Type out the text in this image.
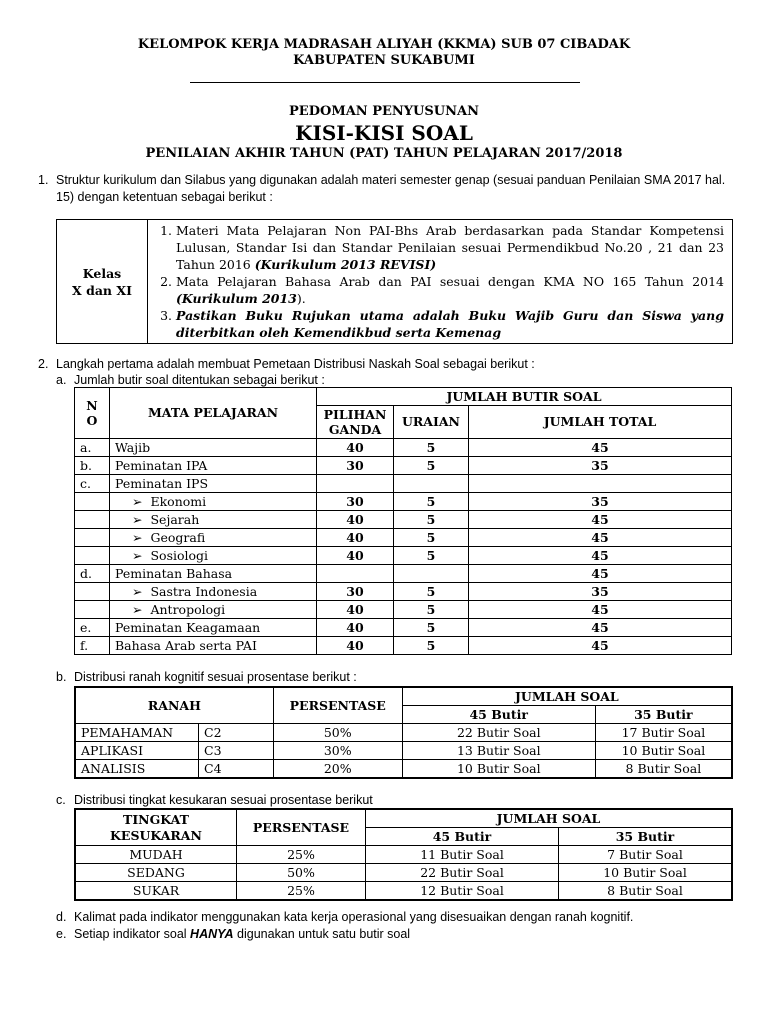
KELOMPOK KERJA MADRASAH ALIYAH (KKMA) SUB 07 CIBADAK
KABUPATEN SUKABUMI
PEDOMAN PENYUSUNAN
KISI-KISI SOAL
PENILAIAN AKHIR TAHUN (PAT) TAHUN PELAJARAN 2017/2018
1. Struktur kurikulum dan Silabus yang digunakan adalah materi semester genap (sesuai panduan Penilaian SMA 2017 hal. 15) dengan ketentuan sebagai berikut :
Kelas
X dan XI

1. Materi Mata Pelajaran Non PAI-Bhs Arab berdasarkan pada Standar Kompetensi Lulusan, Standar Isi dan Standar Penilaian sesuai Permendikbud No.20 , 21 dan 23 Tahun 2016 (Kurikulum 2013 REVISI)
2. Mata Pelajaran Bahasa Arab dan PAI sesuai dengan KMA NO 165 Tahun 2014 (Kurikulum 2013).
3. Pastikan Buku Rujukan utama adalah Buku Wajib Guru dan Siswa yang diterbitkan oleh Kemendikbud serta Kemenag
2. Langkah pertama adalah membuat Pemetaan Distribusi Naskah Soal sebagai berikut :
a. Jumlah butir soal ditentukan sebagai berikut :
N O	MATA PELAJARAN	JUMLAH BUTIR SOAL		
		PILIHAN GANDA	URAIAN	JUMLAH TOTAL
a.	Wajib	40	5	45
b.	Peminatan IPA	30	5	35
c.	Peminatan IPS			
	➢ Ekonomi	30	5	35
	➢ Sejarah	40	5	45
	➢ Geografi	40	5	45
	➢ Sosiologi	40	5	45
d.	Peminatan Bahasa			45
	➢ Sastra Indonesia	30	5	35
	➢ Antropologi	40	5	45
e.	Peminatan Keagamaan	40	5	45
f.	Bahasa Arab serta PAI	40	5	45
b. Distribusi ranah kognitif sesuai prosentase berikut :
RANAH		PERSENTASE	JUMLAH SOAL	
			45 Butir	35 Butir
PEMAHAMAN	C2	50%	22 Butir Soal	17 Butir Soal
APLIKASI	C3	30%	13 Butir Soal	10 Butir Soal
ANALISIS	C4	20%	10 Butir Soal	8 Butir Soal
c. Distribusi tingkat kesukaran sesuai prosentase berikut
TINGKAT
KESUKARAN	PERSENTASE	JUMLAH SOAL	
		45 Butir	35 Butir
MUDAH	25%	11 Butir Soal	7 Butir Soal
SEDANG	50%	22 Butir Soal	10 Butir Soal
SUKAR	25%	12 Butir Soal	8 Butir Soal
d. Kalimat pada indikator menggunakan kata kerja operasional yang disesuaikan dengan ranah kognitif.
e. Setiap indikator soal HANYA digunakan untuk satu butir soal
